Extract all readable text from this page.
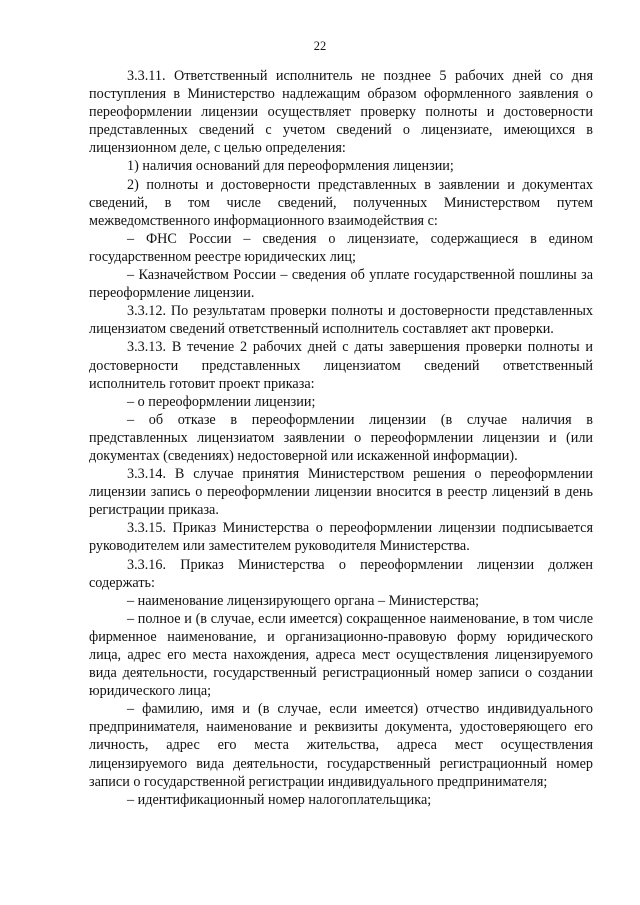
22

3.3.11. Ответственный исполнитель не позднее 5 рабочих дней со дня поступления в Министерство надлежащим образом оформленного заявления о переоформлении лицензии осуществляет проверку полноты и достоверности представленных сведений с учетом сведений о лицензиате, имеющихся в лицензионном деле, с целью определения:

1) наличия оснований для переоформления лицензии;

2) полноты и достоверности представленных в заявлении и документах сведений, в том числе сведений, полученных Министерством путем межведомственного информационного взаимодействия с:

– ФНС России – сведения о лицензиате, содержащиеся в едином государственном реестре юридических лиц;

– Казначейством России – сведения об уплате государственной пошлины за переоформление лицензии.

3.3.12. По результатам проверки полноты и достоверности представленных лицензиатом сведений ответственный исполнитель составляет акт проверки.

3.3.13. В течение 2 рабочих дней с даты завершения проверки полноты и достоверности представленных лицензиатом сведений ответственный исполнитель готовит проект приказа:

– о переоформлении лицензии;

– об отказе в переоформлении лицензии (в случае наличия в представленных лицензиатом заявлении о переоформлении лицензии и (или документах (сведениях) недостоверной или искаженной информации).

3.3.14. В случае принятия Министерством решения о переоформлении лицензии запись о переоформлении лицензии вносится в реестр лицензий в день регистрации приказа.

3.3.15. Приказ Министерства о переоформлении лицензии подписывается руководителем или заместителем руководителя Министерства.

3.3.16. Приказ Министерства о переоформлении лицензии должен содержать:

– наименование лицензирующего органа – Министерства;

– полное и (в случае, если имеется) сокращенное наименование, в том числе фирменное наименование, и организационно-правовую форму юридического лица, адрес его места нахождения, адреса мест осуществления лицензируемого вида деятельности, государственный регистрационный номер записи о создании юридического лица;

– фамилию, имя и (в случае, если имеется) отчество индивидуального предпринимателя, наименование и реквизиты документа, удостоверяющего его личность, адрес его места жительства, адреса мест осуществления лицензируемого вида деятельности, государственный регистрационный номер записи о государственной регистрации индивидуального предпринимателя;

– идентификационный номер налогоплательщика;
